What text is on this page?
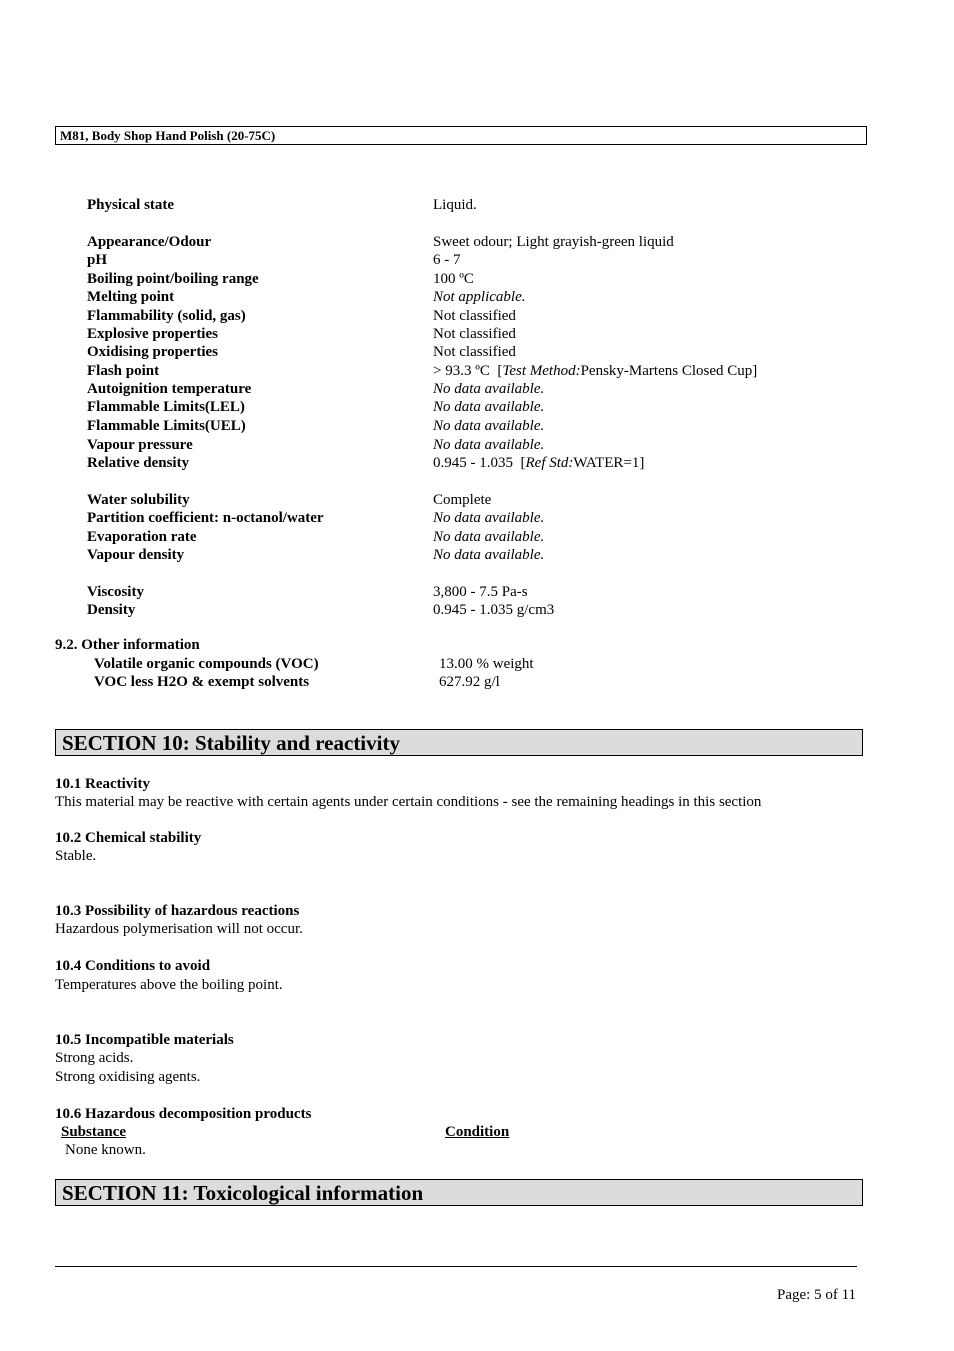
M81, Body Shop Hand Polish (20-75C)
Physical state	Liquid.
Appearance/Odour	Sweet odour; Light grayish-green liquid
pH	6 - 7
Boiling point/boiling range	100 ºC
Melting point	Not applicable.
Flammability (solid, gas)	Not classified
Explosive properties	Not classified
Oxidising properties	Not classified
Flash point	> 93.3 ºC  [Test Method:Pensky-Martens Closed Cup]
Autoignition temperature	No data available.
Flammable Limits(LEL)	No data available.
Flammable Limits(UEL)	No data available.
Vapour pressure	No data available.
Relative density	0.945 - 1.035  [Ref Std:WATER=1]
Water solubility	Complete
Partition coefficient: n-octanol/water	No data available.
Evaporation rate	No data available.
Vapour density	No data available.
Viscosity	3,800 - 7.5 Pa-s
Density	0.945 - 1.035 g/cm3
9.2. Other information
Volatile organic compounds (VOC)	13.00 % weight
VOC less H2O & exempt solvents	627.92 g/l
SECTION 10: Stability and reactivity
10.1 Reactivity
This material may be reactive with certain agents under certain conditions - see the remaining headings in this section
10.2 Chemical stability
Stable.
10.3 Possibility of hazardous reactions
Hazardous polymerisation will not occur.
10.4 Conditions to avoid
Temperatures above the boiling point.
10.5 Incompatible materials
Strong acids.
Strong oxidising agents.
10.6 Hazardous decomposition products
Substance	Condition
None known.
SECTION 11: Toxicological information
Page: 5 of 11
